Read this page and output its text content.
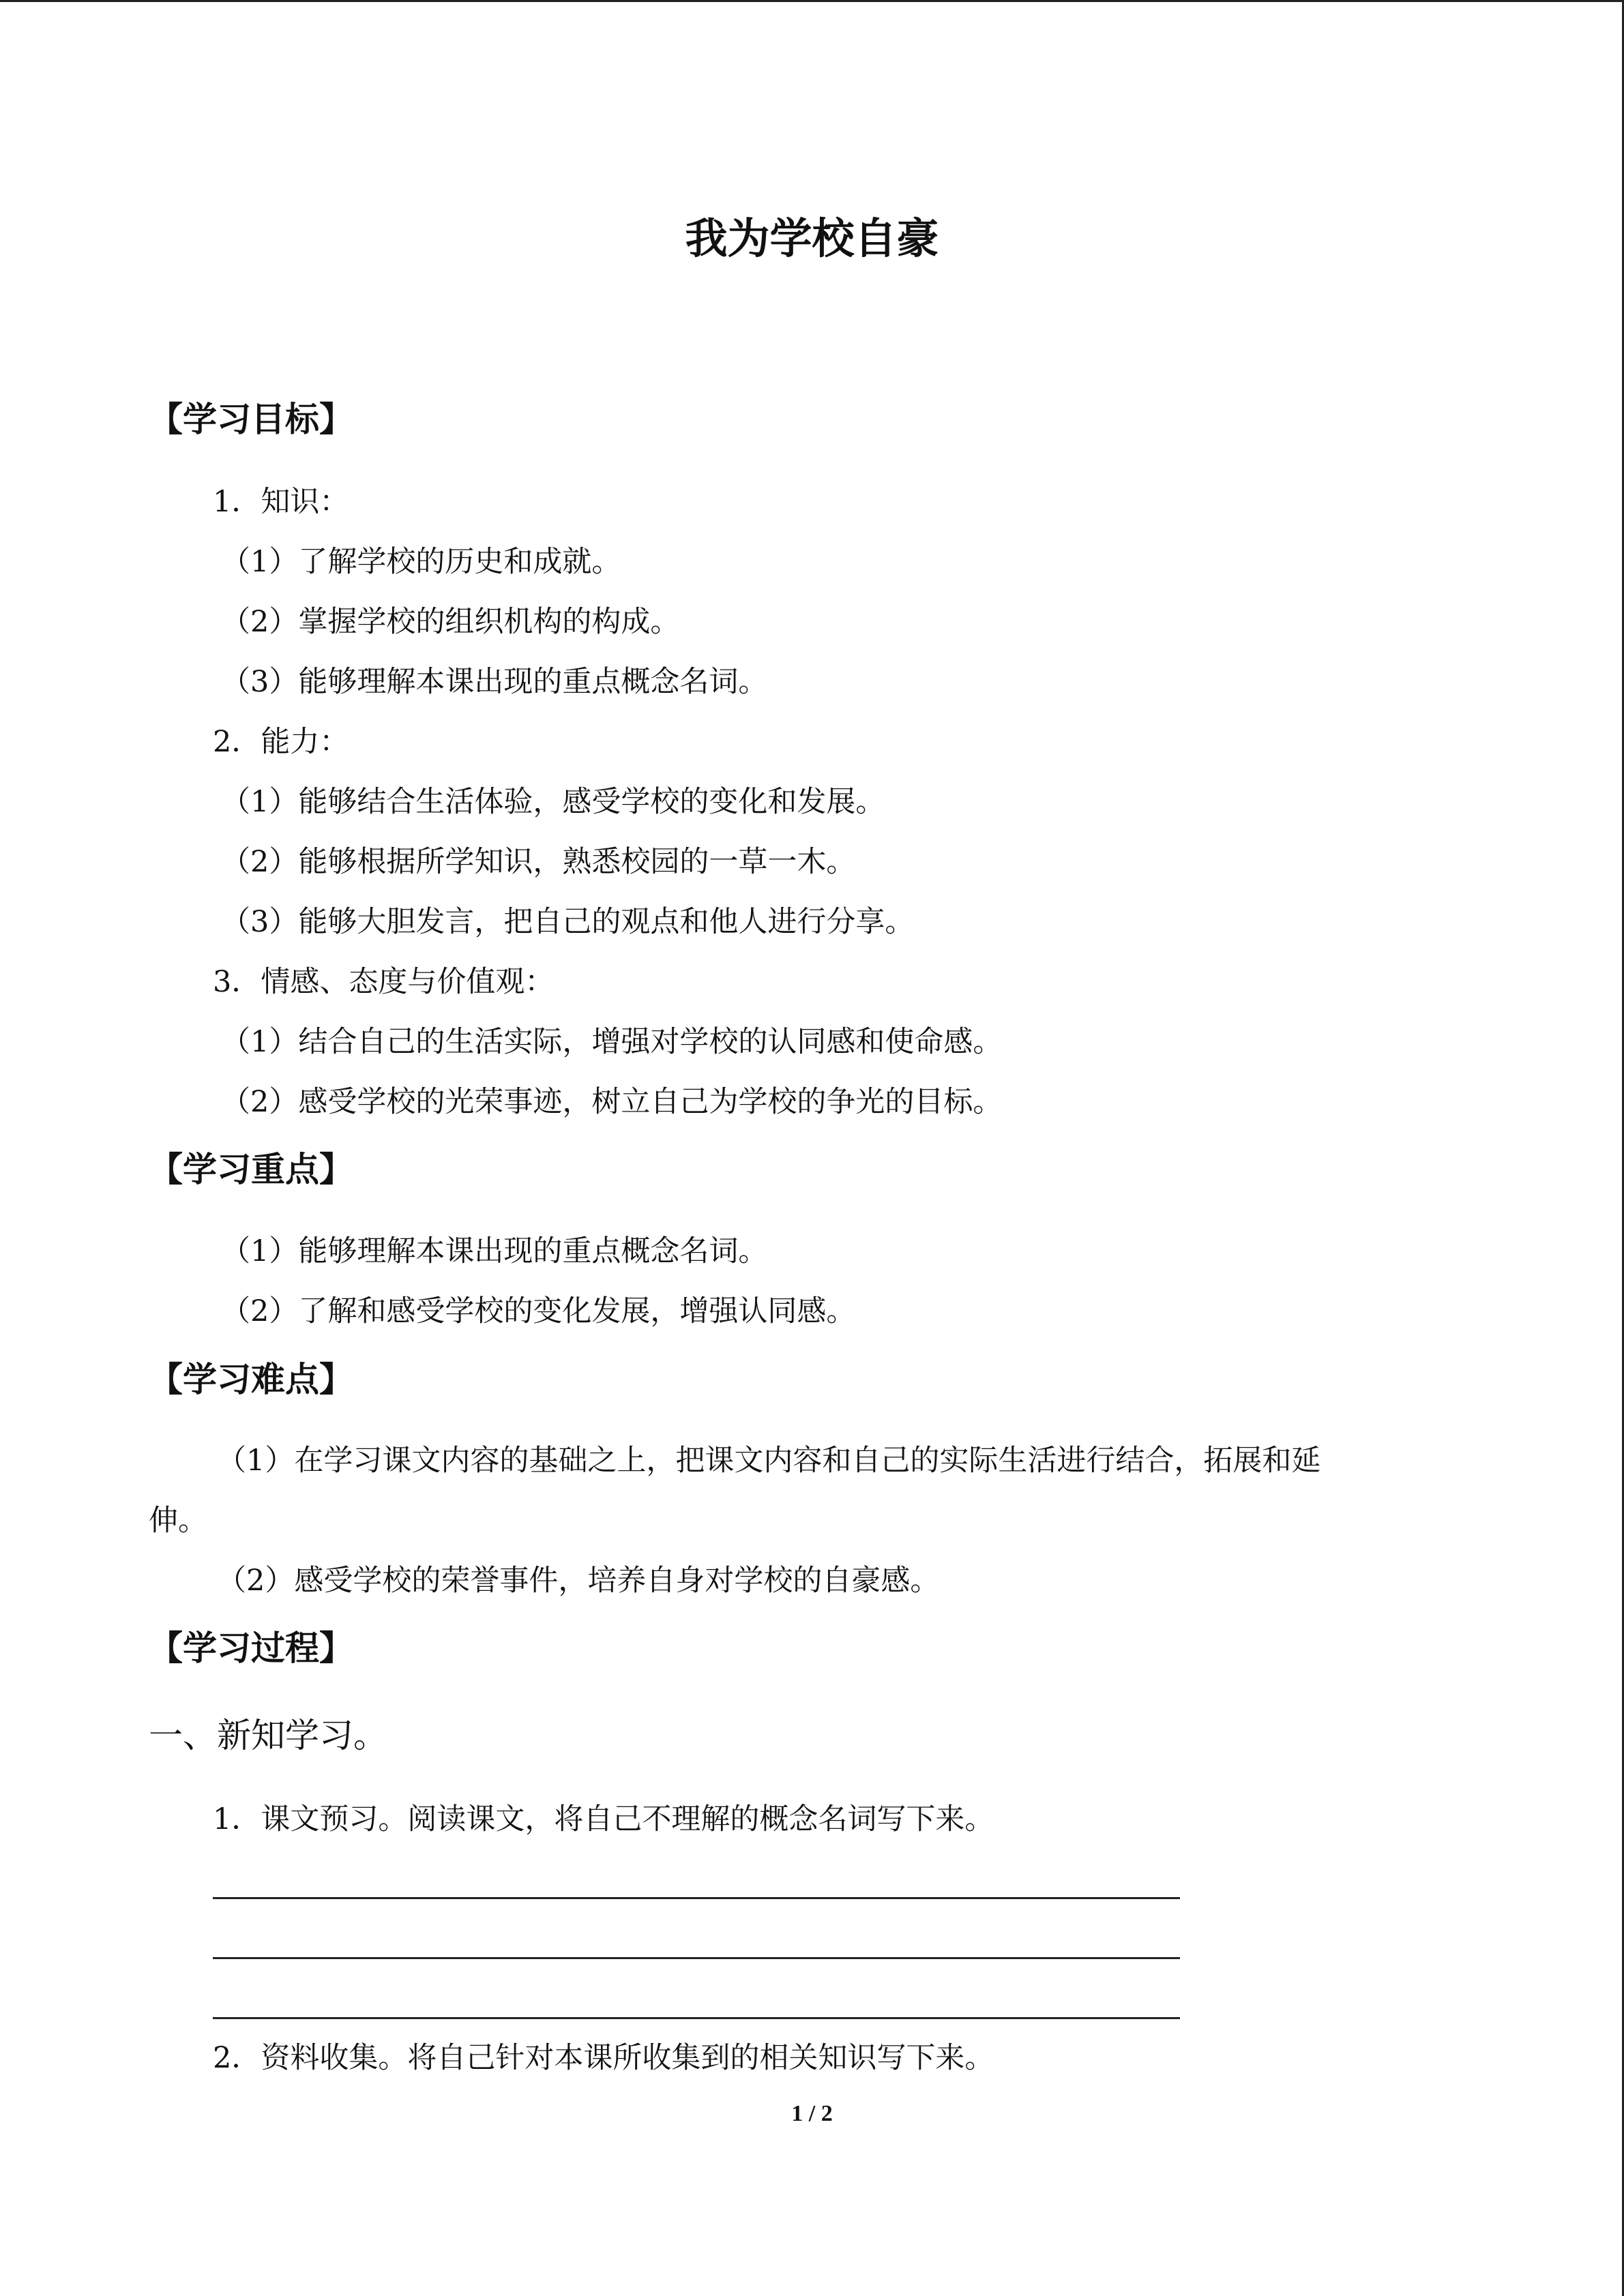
我为学校自豪
【学习目标】
1．知识：
（1）了解学校的历史和成就。
（2）掌握学校的组织机构的构成。
（3）能够理解本课出现的重点概念名词。
2．能力：
（1）能够结合生活体验，感受学校的变化和发展。
（2）能够根据所学知识，熟悉校园的一草一木。
（3）能够大胆发言，把自己的观点和他人进行分享。
3．情感、态度与价值观：
（1）结合自己的生活实际，增强对学校的认同感和使命感。
（2）感受学校的光荣事迹，树立自己为学校的争光的目标。
【学习重点】
（1）能够理解本课出现的重点概念名词。
（2）了解和感受学校的变化发展，增强认同感。
【学习难点】
（1）在学习课文内容的基础之上，把课文内容和自己的实际生活进行结合，拓展和延
伸。
（2）感受学校的荣誉事件，培养自身对学校的自豪感。
【学习过程】
一、新知学习。
1．课文预习。阅读课文，将自己不理解的概念名词写下来。
2．资料收集。将自己针对本课所收集到的相关知识写下来。
1 / 2
